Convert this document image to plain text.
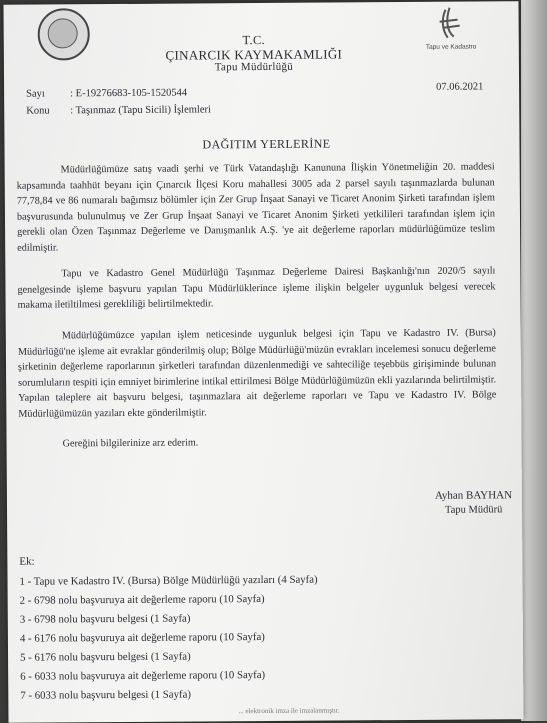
T.C.
ÇINARCIK KAYMAKAMLIĞI
Tapu Müdürlüğü
Tapu ve Kadastro
Sayı : E-19276683-105-1520544
07.06.2021
Konu : Taşınmaz (Tapu Sicili) İşlemleri
DAĞITIM YERLERİNE
Müdürlüğümüze satış vaadi şerhi ve Türk Vatandaşlığı Kanununa İlişkin Yönetmeliğin 20. maddesi kapsamında taahhüt beyanı için Çınarcık İlçesi Koru mahallesi 3005 ada 2 parsel sayılı taşınmazlarda bulunan 77,78,84 ve 86 numaralı bağımsız bölümler için Zer Grup İnşaat Sanayi ve Ticaret Anonim Şirketi tarafından işlem başvurusunda bulunulmuş ve Zer Grup İnşaat Sanayi ve Ticaret Anonim Şirketi yetkilileri tarafından işlem için gerekli olan Özen Taşınmaz Değerleme ve Danışmanlık A.Ş. 'ye ait değerleme raporları müdürlüğümüze teslim edilmiştir.
Tapu ve Kadastro Genel Müdürlüğü Taşınmaz Değerleme Dairesi Başkanlığı'nın 2020/5 sayılı genelgesinde işleme başvuru yapılan Tapu Müdürlüklerince işleme ilişkin belgeler uygunluk belgesi verecek makama iletiltilmesi gerekliliği belirtilmektedir.
Müdürlüğümüzce yapılan işlem neticesinde uygunluk belgesi için Tapu ve Kadastro IV. (Bursa) Müdürlüğü'ne işleme ait evraklar gönderilmiş olup; Bölge Müdürlüğü'müzün evrakları incelemesi sonucu değerleme şirketinin değerleme raporlarının şirketleri tarafından düzenlenmediği ve sahteciliğe teşebbüs girişiminde bulunan sorumluların tespiti için emniyet birimlerine intikal ettirilmesi Bölge Müdürlüğümüzün ekli yazılarında belirtilmiştir. Yapılan taleplere ait başvuru belgesi, taşınmazlara ait değerleme raporları ve Tapu ve Kadastro IV. Bölge Müdürlüğümüzün yazıları ekte gönderilmiştir.
Gereğini bilgilerinize arz ederim.
Ayhan BAYHAN
Tapu Müdürü
Ek:
1 - Tapu ve Kadastro IV. (Bursa) Bölge Müdürlüğü yazıları (4 Sayfa)
2 - 6798 nolu başvuruya ait değerleme raporu (10 Sayfa)
3 - 6798 nolu başvuru belgesi (1 Sayfa)
4 - 6176 nolu başvuruya ait değerleme raporu (10 Sayfa)
5 - 6176 nolu başvuru belgesi (1 Sayfa)
6 - 6033 nolu başvuruya ait değerleme raporu (10 Sayfa)
7 - 6033 nolu başvuru belgesi (1 Sayfa)
... elektronik imza ile imzalanmıştır.
